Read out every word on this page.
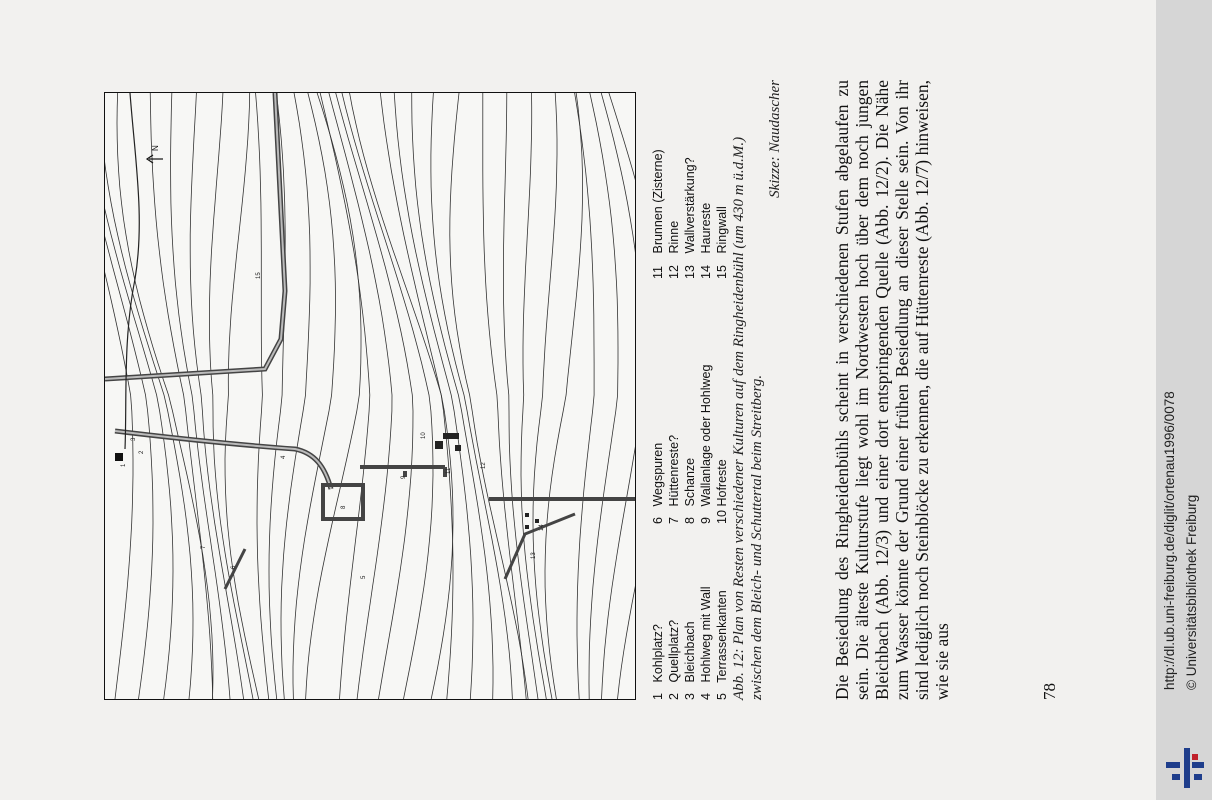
N
1
2
3
4
5
6
7
8
9
10
11
12
13
14
15
1 Kohlplatz?
2 Quellplatz?
3 Bleichbach
4 Hohlweg mit Wall
5 Terrassenkanten
6 Wegspuren
7 Hüttenreste?
8 Schanze
9 Wallanlage oder Hohlweg
10 Hofreste
11 Brunnen (Zisterne)
12 Rinne
13 Wallverstärkung?
14 Haureste
15 Ringwall Abb. 12: Plan von Resten verschiedener Kulturen auf dem Ringheidenbühl (um 430 m ü.d.M.) zwischen dem Bleich- und Schuttertal beim Streitberg.
Skizze: Naudascher	Die Besiedlung des Ringheidenbühls scheint in verschiedenen Stufen abgelaufen zu sein. Die älteste Kulturstufe liegt wohl im Nordwesten hoch über dem noch jungen Bleichbach (Abb. 12/3) und einer dort entspringenden Quelle (Abb. 12/2). Die Nähe zum Wasser könnte der Grund einer frühen Besiedlung an dieser Stelle sein. Von ihr sind lediglich noch Steinblöcke zu erkennen, die auf Hüttenreste (Abb. 12/7) hinweisen, wie sie aus	78
http://dl.ub.uni-freiburg.de/diglit/ortenau1996/0078 © Universitätsbibliothek Freiburg
